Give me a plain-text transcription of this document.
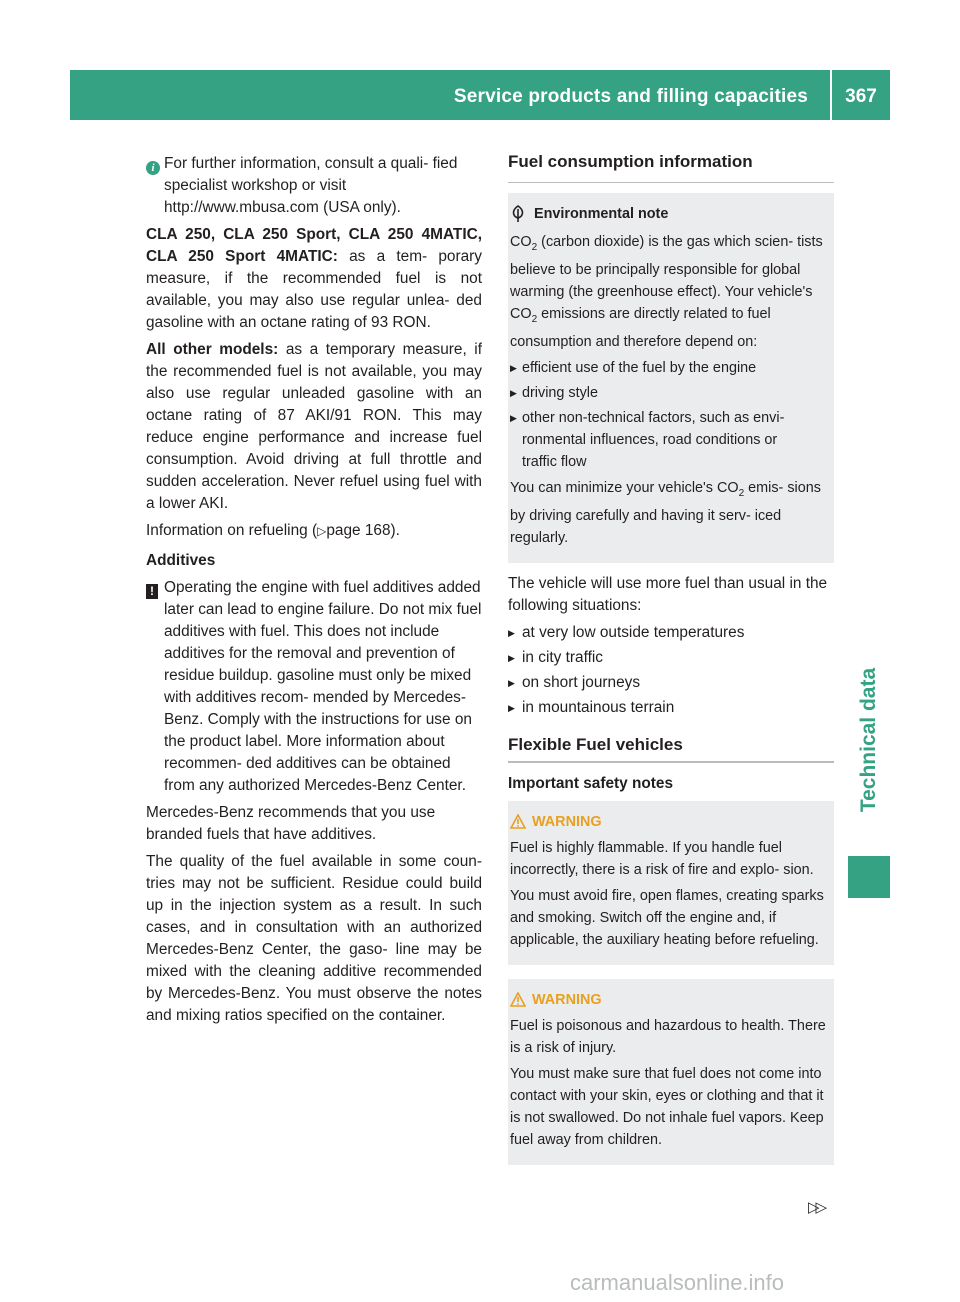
Service products and filling capacities	367
Technical data

i For further information, consult a quali- fied specialist workshop or visit http://www.mbusa.com (USA only).

CLA 250, CLA 250 Sport, CLA 250 4MATIC, CLA 250 Sport 4MATIC: as a tem- porary measure, if the recommended fuel is not available, you may also use regular unlea- ded gasoline with an octane rating of 93 RON.

All other models: as a temporary measure, if the recommended fuel is not available, you may also use regular unleaded gasoline with an octane rating of 87 AKI/91 RON. This may reduce engine performance and increase fuel consumption. Avoid driving at full throttle and sudden acceleration. Never refuel using fuel with a lower AKI.

Information on refueling (▷page 168).

Additives

! Operating the engine with fuel additives added later can lead to engine failure. Do not mix fuel additives with fuel. This does not include additives for the removal and prevention of residue buildup. gasoline must only be mixed with additives recom- mended by Mercedes-Benz. Comply with the instructions for use on the product label. More information about recommen- ded additives can be obtained from any authorized Mercedes-Benz Center.

Mercedes-Benz recommends that you use branded fuels that have additives.

The quality of the fuel available in some coun- tries may not be sufficient. Residue could build up in the injection system as a result. In such cases, and in consultation with an authorized Mercedes-Benz Center, the gaso- line may be mixed with the cleaning additive recommended by Mercedes-Benz. You must observe the notes and mixing ratios specified on the container.

Fuel consumption information
Environmental note

$CO_2$ (carbon dioxide) is the gas which scien- tists believe to be principally responsible for global warming (the greenhouse effect). Your vehicle's $CO_2$ emissions are directly related to fuel consumption and therefore depend on:

▶ efficient use of the fuel by the engine
▶ driving style
▶ other non-technical factors, such as envi- ronmental influences, road conditions or traffic flow

You can minimize your vehicle's $CO_2$ emis- sions by driving carefully and having it serv- iced regularly.

The vehicle will use more fuel than usual in the following situations:

▶ at very low outside temperatures
▶ in city traffic
▶ on short journeys
▶ in mountainous terrain
Flexible Fuel vehicles
Important safety notes
WARNING

Fuel is highly flammable. If you handle fuel incorrectly, there is a risk of fire and explo- sion.

You must avoid fire, open flames, creating sparks and smoking. Switch off the engine and, if applicable, the auxiliary heating before refueling.

WARNING

Fuel is poisonous and hazardous to health. There is a risk of injury.

You must make sure that fuel does not come into contact with your skin, eyes or clothing and that it is not swallowed. Do not inhale fuel vapors. Keep fuel away from children.

▷▷
carmanualsonline.info
